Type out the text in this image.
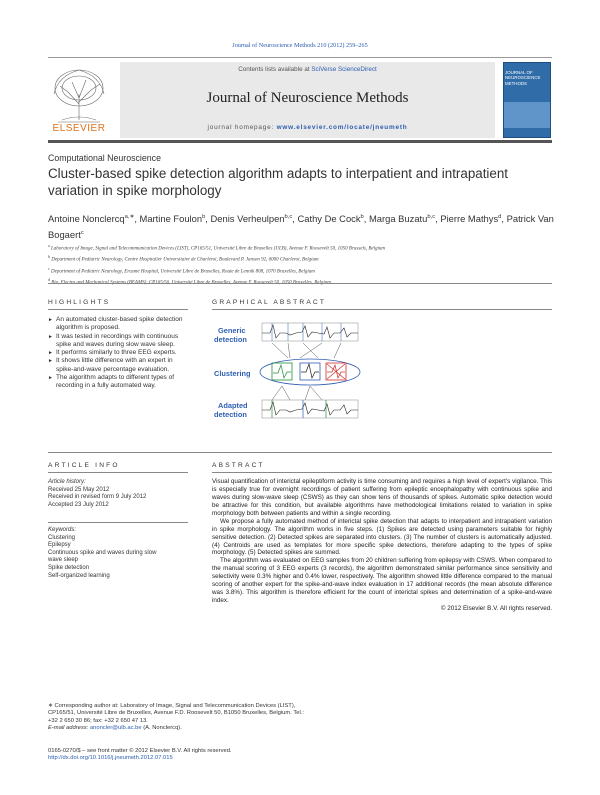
Journal of Neuroscience Methods 210 (2012) 259–265
ELSEVIER
Contents lists available at SciVerse ScienceDirect
Journal of Neuroscience Methods
journal homepage: www.elsevier.com/locate/jneumeth
JOURNAL OF NEUROSCIENCE METHODS
Computational Neuroscience
Cluster-based spike detection algorithm adapts to interpatient and intrapatient variation in spike morphology
Antoine Nonclercq$^{a,∗}$, Martine Foulon$^b$, Denis Verheulpen$^{b,c}$, Cathy De Cock$^b$, Marga Buzatu$^{b,c}$, Pierre Mathys$^d$, Patrick Van Bogaert$^c$
$^a$ Laboratory of Image, Signal and Telecommunication Devices (LIST), CP165/51, Université Libre de Bruxelles (ULB), Avenue F. Roosevelt 50, 1050 Brussels, Belgium
$^b$ Department of Pediatric Neurology, Centre Hospitalier Universitaire de Charleroi, Boulevard P. Janson 92, 6000 Charleroi, Belgium
$^c$ Department of Pediatric Neurology, Erasme Hospital, Université Libre de Bruxelles, Route de Lennik 808, 1070 Bruxelles, Belgium
$^d$ Bio, Electro and Mechanical Systems (BEAMS), CP165/56, Université Libre de Bruxelles, Avenue F. Roosevelt 50, 1050 Bruxelles, Belgium
HIGHLIGHTS
► An automated cluster-based spike detection algorithm is proposed.
► It was tested in recordings with continuous spike and waves during slow wave sleep.
► It performs similarly to three EEG experts.
► It shows little difference with an expert in spike-and-wave percentage evaluation.
► The algorithm adapts to different types of recording in a fully automated way.
GRAPHICAL ABSTRACT
Generic
detection
Clustering
Adapted
detection
ARTICLE INFO
Article history:
Received 25 May 2012
Received in revised form 9 July 2012
Accepted 23 July 2012
Keywords:
Clustering
Epilepsy
Continuous spike and waves during slow wave sleep
Spike detection
Self-organized learning
ABSTRACT

Visual quantification of interictal epileptiform activity is time consuming and requires a high level of expert's vigilance. This is especially true for overnight recordings of patient suffering from epileptic encephalopathy with continuous spike and waves during slow-wave sleep (CSWS) as they can show tens of thousands of spikes. Automatic spike detection would be attractive for this condition, but available algorithms have methodological limitations related to variation in spike morphology both between patients and within a single recording.

We propose a fully automated method of interictal spike detection that adapts to interpatient and intrapatient variation in spike morphology. The algorithm works in five steps. (1) Spikes are detected using parameters suitable for highly sensitive detection. (2) Detected spikes are separated into clusters. (3) The number of clusters is automatically adjusted. (4) Centroids are used as templates for more specific spike detections, therefore adapting to the types of spike morphology. (5) Detected spikes are summed.

The algorithm was evaluated on EEG samples from 20 children suffering from epilepsy with CSWS. When compared to the manual scoring of 3 EEG experts (3 records), the algorithm demonstrated similar performance since sensitivity and selectivity were 0.3% higher and 0.4% lower, respectively. The algorithm showed little difference compared to the manual scoring of another expert for the spike-and-wave index evaluation in 17 additional records (the mean absolute difference was 3.8%). This algorithm is therefore efficient for the count of interictal spikes and determination of a spike-and-wave index.

© 2012 Elsevier B.V. All rights reserved.

∗ Corresponding author at: Laboratory of Image, Signal and Telecommunication Devices (LIST), CP165/51, Université Libre de Bruxelles, Avenue F.D. Roosevelt 50, B1050 Bruxelles, Belgium. Tel.: +32 2 650 30 86; fax: +32 2 650 47 13.

E-mail address: anoncler@ulb.ac.be (A. Nonclercq).

0165-0270/$ – see front matter © 2012 Elsevier B.V. All rights reserved.
http://dx.doi.org/10.1016/j.jneumeth.2012.07.015
